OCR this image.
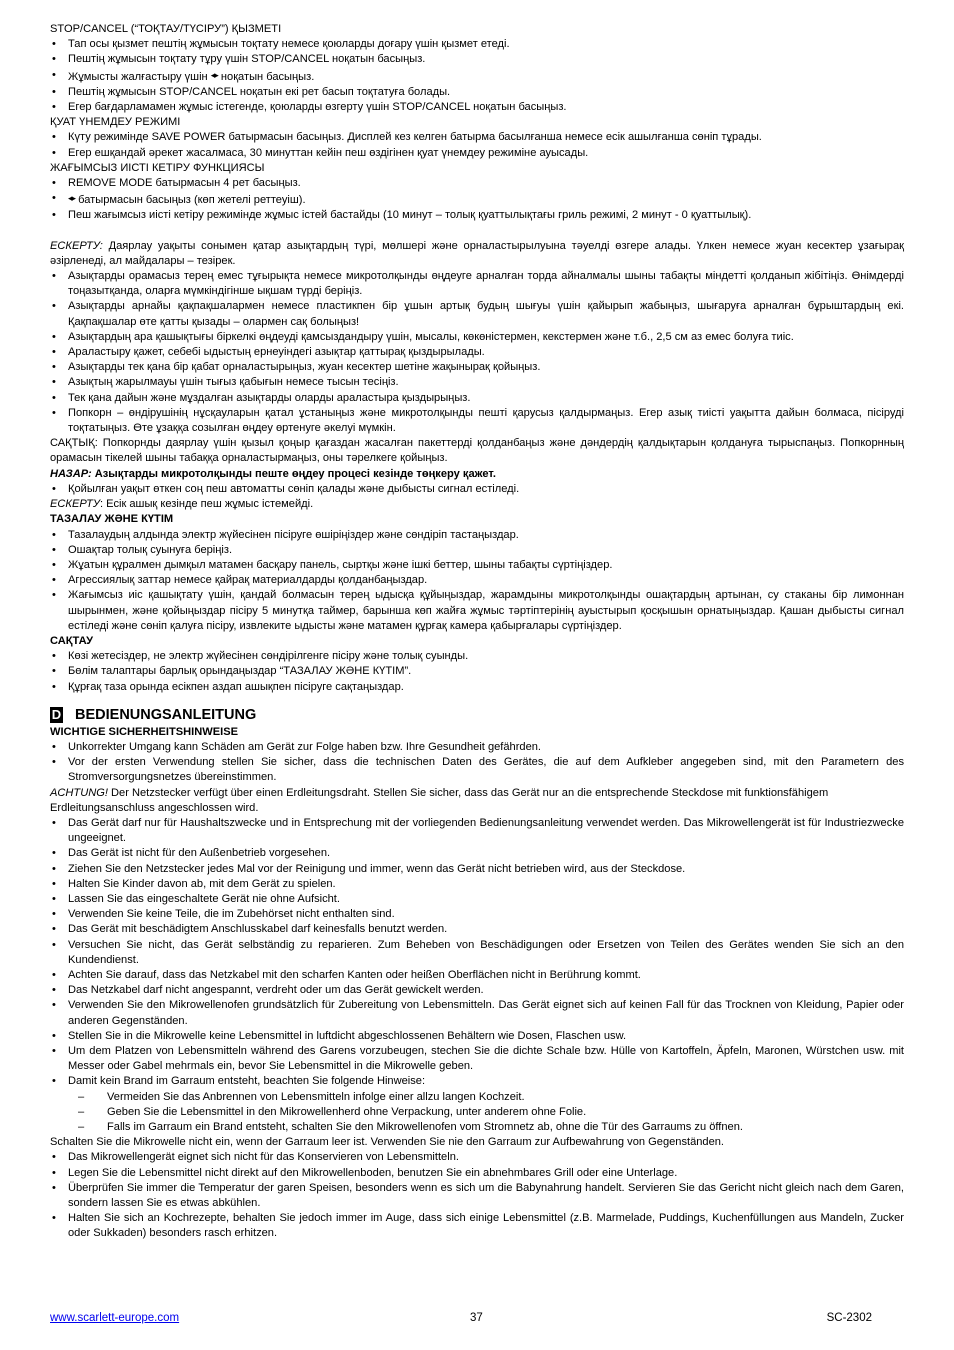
STOP/CANCEL (“ТОҚТАУ/ТҮСІРУ”) ҚЫЗМЕТІ

• Тап осы қызмет пештің жұмысын тоқтату немесе қоюларды доғару үшін қызмет етеді.
• Пештің жұмысын тоқтату тұру үшін STOP/CANCEL ноқатын басыңыз.
• Жұмысты жалғастыру үшін ◂▸ ноқатын басыңыз.
• Пештің жұмысын STOP/CANCEL ноқатын екі рет басып тоқтатуға болады.
• Егер бағдарламамен жұмыс істегенде, қоюларды өзгерту үшін STOP/CANCEL ноқатын басыңыз.

ҚУАТ ҮНЕМДЕУ РЕЖИМІ

• Күту режимінде SAVE POWER батырмасын басыңыз. Дисплей кез келген батырма басылғанша немесе есік ашылғанша сөніп тұрады.
• Егер ешқандай әрекет жасалмаса, 30 минуттан кейін пеш өздігінен қуат үнемдеу режиміне ауысады.

ЖАҒЫМСЫЗ ИІСТІ КЕТІРУ ФУНКЦИЯСЫ

• REMOVE MODE батырмасын 4 рет басыңыз.
• ◂▸ батырмасын басыңыз (көп жетелі реттеуіш).
• Пеш жағымсыз иісті кетіру режимінде жұмыс істей бастайды (10 минут – толық қуаттылықтағы гриль режимі, 2 минут - 0 қуаттылық).

ЕСКЕРТУ: Даярлау уақыты сонымен қатар азықтардың түрі, мөлшері және орналастырылуына тәуелді өзгере алады. Үлкен немесе жуан кесектер ұзағырақ әзірленеді, ал майдалары – тезірек.

• Азықтарды орамасыз терең емес тұғырықта немесе микротолқынды өңдеуге арналған торда айналмалы шыны табақты міндетті қолданып жібітіңіз. Өнімдерді тоңазытқанда, оларға мүмкіндігінше ықшам түрді беріңіз.
• Азықтарды арнайы қақпақшалармен немесе пластикпен бір ұшын артық будың шығуы үшін қайырып жабыңыз, шығаруға арналған бұрыштардың екі. Қақпақшалар өте қатты қызады – олармен сақ болыңыз!
• Азықтардың ара қашықтығы біркелкі өңдеуді қамсыздандыру үшін, мысалы, көкөністермен, кекстермен және т.б., 2,5 см аз емес болуға тиіс.
• Араластыру қажет, себебі ыдыстың ернеуіндегі азықтар қаттырақ қыздырылады.
• Азықтарды тек қана бір қабат орналастырыңыз, жуан кесектер шетіне жақынырақ қойыңыз.
• Азықтың жарылмауы үшін тығыз қабығын немесе тысын тесіңіз.
• Тек қана дайын және мұздалған азықтарды оларды араластыра қыздырыңыз.
• Попкорн – өндірушінің нұсқауларын қатал ұстаныңыз және микротолқынды пешті қарусыз қалдырмаңыз. Егер азық тиісті уақытта дайын болмаса, пісіруді тоқтатыңыз. Өте ұзаққа созылған өңдеу өртенуге әкелуі мүмкін.

САҚТЫҚ: Попкорнды даярлау үшін қызыл қоңыр қағаздан жасалған пакеттерді қолданбаңыз және дәндердің қалдықтарын қолдануға тырыспаңыз. Попкорнның орамасын тікелей шыны табаққа орналастырмаңыз, оны тәрелкеге қойыңыз.

НАЗАР: Азықтарды микротолқынды пеште өңдеу процесі кезінде төңкеру қажет.

• Қойылған уақыт өткен соң пеш автоматты сөніп қалады және дыбысты сигнал естіледі.

ЕСКЕРТУ: Есік ашық кезінде пеш жұмыс істемейді.

ТАЗАЛАУ ЖӘНЕ КҮТІМ

• Тазалаудың алдында электр жүйесінен пісіруге өшіріңіздер және сөндіріп тастаңыздар.
• Ошақтар толық суынуға беріңіз.
• Жұатын құралмен дымқыл матамен басқару панель, сыртқы және ішкі беттер, шыны табақты сүртіңіздер.
• Агрессиялық заттар немесе қайрақ материалдарды қолданбаңыздар.
• Жағымсыз иіс қашықтату үшін, қандай болмасын терең ыдысқа құйыңыздар, жарамдыны микротолқынды ошақтардың артынан, су стаканы бір лимоннан шырынмен, және қойыңыздар пісіру 5 минутқа таймер, барынша көп жайға жұмыс тәртіптерінің ауыстырып қосқышын орнатыңыздар. Қашан дыбысты сигнал естіледі және сөніп қалуға пісіру, извлеките ыдысты және матамен құрғақ камера қабырғалары сүртіңіздер.

САҚТАУ

• Көзі жетесіздер, не электр жүйесінен сөндірілгенге пісіру және толық суынды.
• Бөлім талаптары барлық орындаңыздар “ТАЗАЛАУ ЖӘНЕ КҮТІМ”.
• Құрғақ таза орында есікпен аздап ашықпен пісіруге сақтаңыздар.
D BEDIENUNGSANLEITUNG

WICHTIGE SICHERHEITSHINWEISE

• Unkorrekter Umgang kann Schäden am Gerät zur Folge haben bzw. Ihre Gesundheit gefährden.
• Vor der ersten Verwendung stellen Sie sicher, dass die technischen Daten des Gerätes, die auf dem Aufkleber angegeben sind, mit den Parametern des Stromversorgungsnetzes übereinstimmen.

ACHTUNG! Der Netzstecker verfügt über einen Erdleitungsdraht. Stellen Sie sicher, dass das Gerät nur an die entsprechende Steckdose mit funktionsfähigem

Erdleitungsanschluss angeschlossen wird.

• Das Gerät darf nur für Haushaltszwecke und in Entsprechung mit der vorliegenden Bedienungsanleitung verwendet werden. Das Mikrowellengerät ist für Industriezwecke ungeeignet.
• Das Gerät ist nicht für den Außenbetrieb vorgesehen.
• Ziehen Sie den Netzstecker jedes Mal vor der Reinigung und immer, wenn das Gerät nicht betrieben wird, aus der Steckdose.
• Halten Sie Kinder davon ab, mit dem Gerät zu spielen.
• Lassen Sie das eingeschaltete Gerät nie ohne Aufsicht.
• Verwenden Sie keine Teile, die im Zubehörset nicht enthalten sind.
• Das Gerät mit beschädigtem Anschlusskabel darf keinesfalls benutzt werden.
• Versuchen Sie nicht, das Gerät selbständig zu reparieren. Zum Beheben von Beschädigungen oder Ersetzen von Teilen des Gerätes wenden Sie sich an den Kundendienst.
• Achten Sie darauf, dass das Netzkabel mit den scharfen Kanten oder heißen Oberflächen nicht in Berührung kommt.
• Das Netzkabel darf nicht angespannt, verdreht oder um das Gerät gewickelt werden.
• Verwenden Sie den Mikrowellenofen grundsätzlich für Zubereitung von Lebensmitteln. Das Gerät eignet sich auf keinen Fall für das Trocknen von Kleidung, Papier oder anderen Gegenständen.
• Stellen Sie in die Mikrowelle keine Lebensmittel in luftdicht abgeschlossenen Behältern wie Dosen, Flaschen usw.
• Um dem Platzen von Lebensmitteln während des Garens vorzubeugen, stechen Sie die dichte Schale bzw. Hülle von Kartoffeln, Äpfeln, Maronen, Würstchen usw. mit Messer oder Gabel mehrmals ein, bevor Sie Lebensmittel in die Mikrowelle geben.
• Damit kein Brand im Garraum entsteht, beachten Sie folgende Hinweise:
– Vermeiden Sie das Anbrennen von Lebensmitteln infolge einer allzu langen Kochzeit.
– Geben Sie die Lebensmittel in den Mikrowellenherd ohne Verpackung, unter anderem ohne Folie.
– Falls im Garraum ein Brand entsteht, schalten Sie den Mikrowellenofen vom Stromnetz ab, ohne die Tür des Garraums zu öffnen.

Schalten Sie die Mikrowelle nicht ein, wenn der Garraum leer ist. Verwenden Sie nie den Garraum zur Aufbewahrung von Gegenständen.

• Das Mikrowellengerät eignet sich nicht für das Konservieren von Lebensmitteln.
• Legen Sie die Lebensmittel nicht direkt auf den Mikrowellenboden, benutzen Sie ein abnehmbares Grill oder eine Unterlage.
• Überprüfen Sie immer die Temperatur der garen Speisen, besonders wenn es sich um die Babynahrung handelt. Servieren Sie das Gericht nicht gleich nach dem Garen, sondern lassen Sie es etwas abkühlen.
• Halten Sie sich an Kochrezepte, behalten Sie jedoch immer im Auge, dass sich einige Lebensmittel (z.B. Marmelade, Puddings, Kuchenfüllungen aus Mandeln, Zucker oder Sukkaden) besonders rasch erhitzen.
www.scarlett-europe.com	37	SC-2302
